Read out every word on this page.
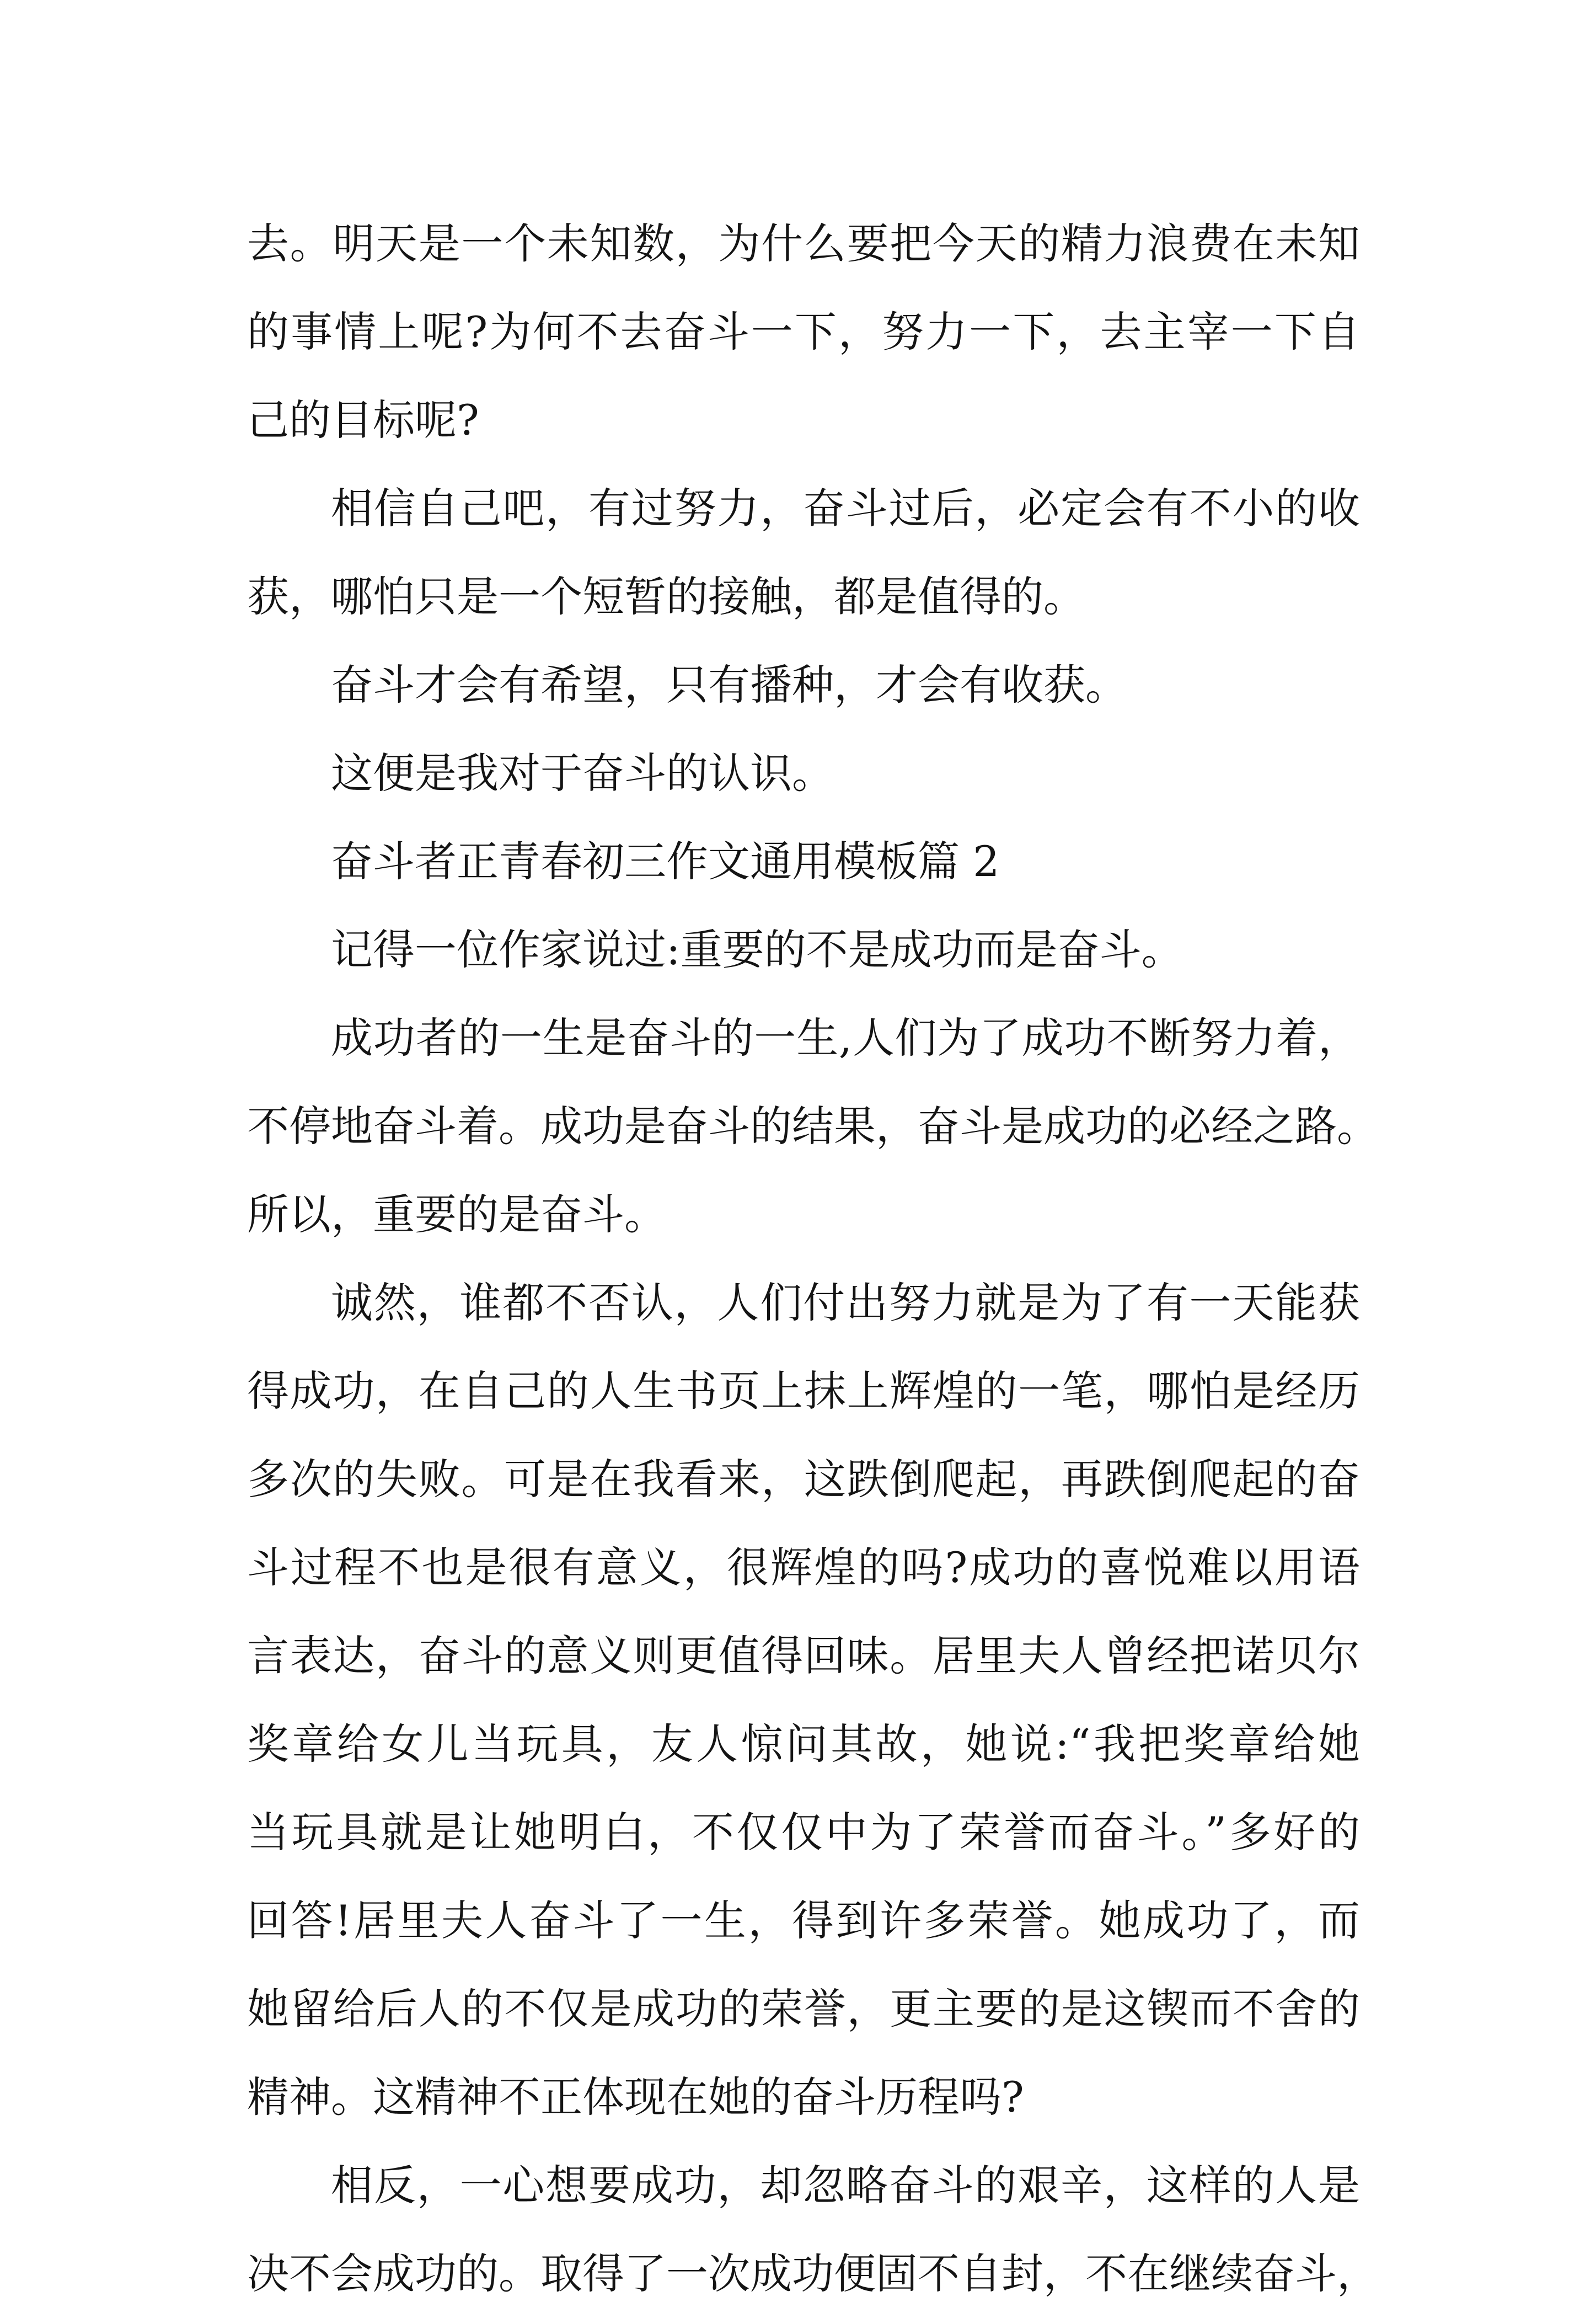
去。明天是一个未知数，为什么要把今天的精力浪费在未知
的事情上呢?为何不去奋斗一下，努力一下，去主宰一下自
己的目标呢?
相信自己吧，有过努力，奋斗过后，必定会有不小的收
获，哪怕只是一个短暂的接触，都是值得的。
奋斗才会有希望，只有播种，才会有收获。
这便是我对于奋斗的认识。
奋斗者正青春初三作文通用模板篇 2
记得一位作家说过:重要的不是成功而是奋斗。
成功者的一生是奋斗的一生,人们为了成功不断努力着，
不停地奋斗着。成功是奋斗的结果，奋斗是成功的必经之路。
所以，重要的是奋斗。
诚然，谁都不否认，人们付出努力就是为了有一天能获
得成功，在自己的人生书页上抹上辉煌的一笔，哪怕是经历
多次的失败。可是在我看来，这跌倒爬起，再跌倒爬起的奋
斗过程不也是很有意义，很辉煌的吗?成功的喜悦难以用语
言表达，奋斗的意义则更值得回味。居里夫人曾经把诺贝尔
奖章给女儿当玩具，友人惊问其故，她说:“我把奖章给她
当玩具就是让她明白，不仅仅中为了荣誉而奋斗。”多好的
回答!居里夫人奋斗了一生，得到许多荣誉。她成功了，而
她留给后人的不仅是成功的荣誉，更主要的是这锲而不舍的
精神。这精神不正体现在她的奋斗历程吗?
相反，一心想要成功，却忽略奋斗的艰辛，这样的人是
决不会成功的。取得了一次成功便固不自封，不在继续奋斗，
